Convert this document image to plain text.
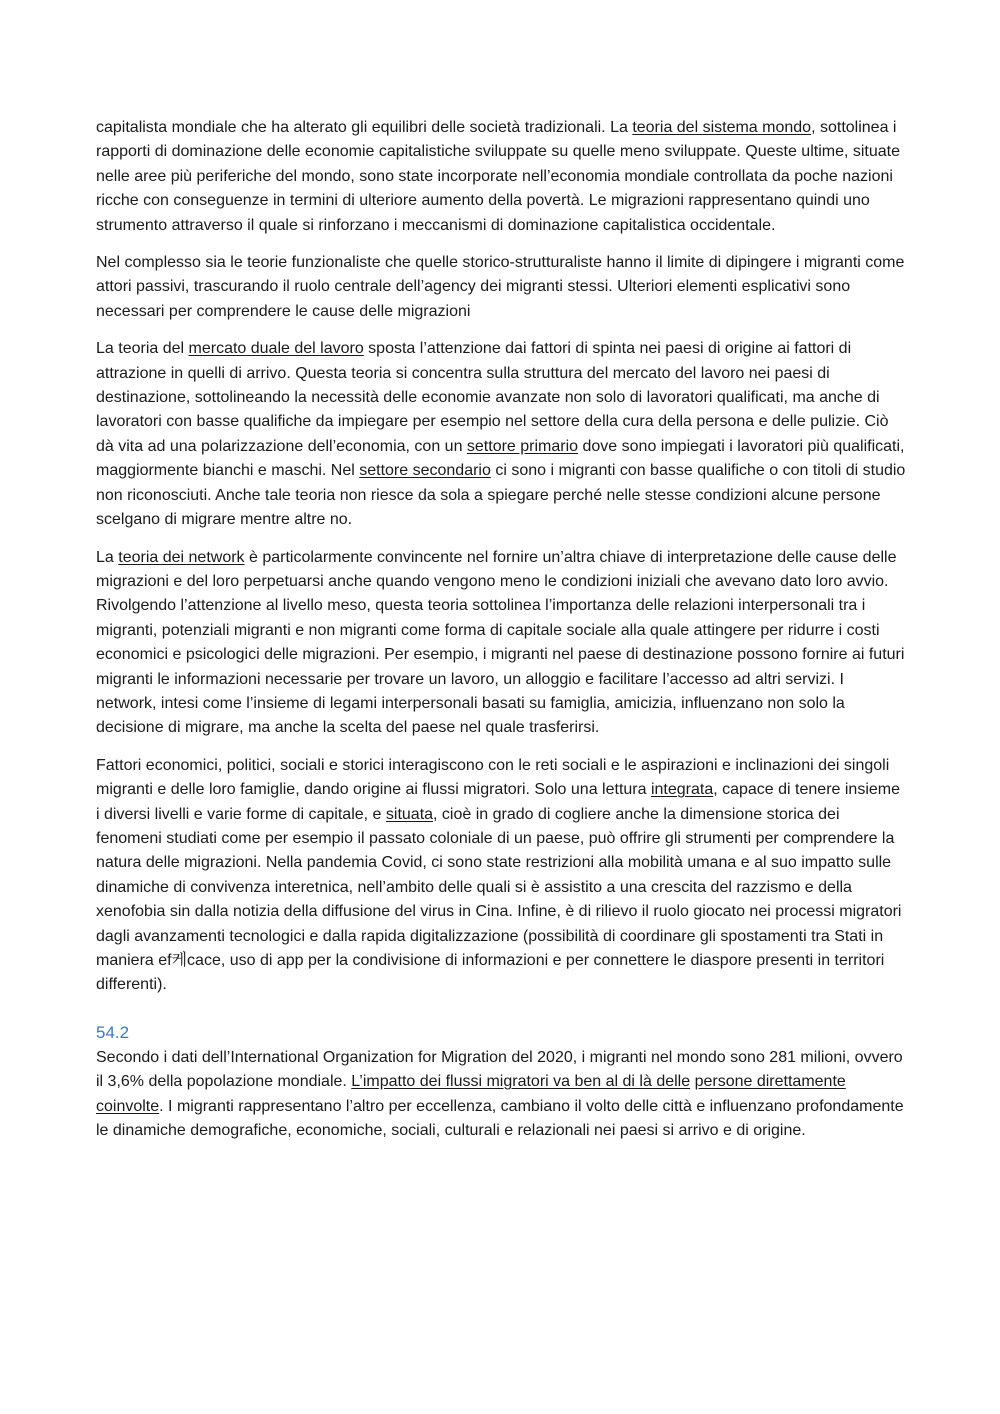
capitalista mondiale che ha alterato gli equilibri delle società tradizionali. La teoria del sistema mondo, sottolinea i rapporti di dominazione delle economie capitalistiche sviluppate su quelle meno sviluppate. Queste ultime, situate nelle aree più periferiche del mondo, sono state incorporate nell’economia mondiale controllata da poche nazioni ricche con conseguenze in termini di ulteriore aumento della povertà. Le migrazioni rappresentano quindi uno strumento attraverso il quale si rinforzano i meccanismi di dominazione capitalistica occidentale.

Nel complesso sia le teorie funzionaliste che quelle storico-strutturaliste hanno il limite di dipingere i migranti come attori passivi, trascurando il ruolo centrale dell’agency dei migranti stessi. Ulteriori elementi esplicativi sono necessari per comprendere le cause delle migrazioni

La teoria del mercato duale del lavoro sposta l’attenzione dai fattori di spinta nei paesi di origine ai fattori di attrazione in quelli di arrivo. Questa teoria si concentra sulla struttura del mercato del lavoro nei paesi di destinazione, sottolineando la necessità delle economie avanzate non solo di lavoratori qualificati, ma anche di lavoratori con basse qualifiche da impiegare per esempio nel settore della cura della persona e delle pulizie. Ciò dà vita ad una polarizzazione dell’economia, con un settore primario dove sono impiegati i lavoratori più qualificati, maggiormente bianchi e maschi. Nel settore secondario ci sono i migranti con basse qualifiche o con titoli di studio non riconosciuti. Anche tale teoria non riesce da sola a spiegare perché nelle stesse condizioni alcune persone scelgano di migrare mentre altre no.

La teoria dei network è particolarmente convincente nel fornire un’altra chiave di interpretazione delle cause delle migrazioni e del loro perpetuarsi anche quando vengono meno le condizioni iniziali che avevano dato loro avvio. Rivolgendo l’attenzione al livello meso, questa teoria sottolinea l’importanza delle relazioni interpersonali tra i migranti, potenziali migranti e non migranti come forma di capitale sociale alla quale attingere per ridurre i costi economici e psicologici delle migrazioni. Per esempio, i migranti nel paese di destinazione possono fornire ai futuri migranti le informazioni necessarie per trovare un lavoro, un alloggio e facilitare l’accesso ad altri servizi. I network, intesi come l’insieme di legami interpersonali basati su famiglia, amicizia, influenzano non solo la decisione di migrare, ma anche la scelta del paese nel quale trasferirsi.

Fattori economici, politici, sociali e storici interagiscono con le reti sociali e le aspirazioni e inclinazioni dei singoli migranti e delle loro famiglie, dando origine ai flussi migratori. Solo una lettura integrata, capace di tenere insieme i diversi livelli e varie forme di capitale, e situata, cioè in grado di cogliere anche la dimensione storica dei fenomeni studiati come per esempio il passato coloniale di un paese, può offrire gli strumenti per comprendere la natura delle migrazioni. Nella pandemia Covid, ci sono state restrizioni alla mobilità umana e al suo impatto sulle dinamiche di convivenza interetnica, nell’ambito delle quali si è assistito a una crescita del razzismo e della xenofobia sin dalla notizia della diffusione del virus in Cina. Infine, è di rilievo il ruolo giocato nei processi migratori dagli avanzamenti tecnologici e dalla rapida digitalizzazione (possibilità di coordinare gli spostamenti tra Stati in maniera ef케cace, uso di app per la condivisione di informazioni e per connettere le diaspore presenti in territori differenti).

54.2

Secondo i dati dell’International Organization for Migration del 2020, i migranti nel mondo sono 281 milioni, ovvero il 3,6% della popolazione mondiale. L’impatto dei flussi migratori va ben al di là delle persone direttamente coinvolte. I migranti rappresentano l’altro per eccellenza, cambiano il volto delle città e influenzano profondamente le dinamiche demografiche, economiche, sociali, culturali e relazionali nei paesi si arrivo e di origine.
